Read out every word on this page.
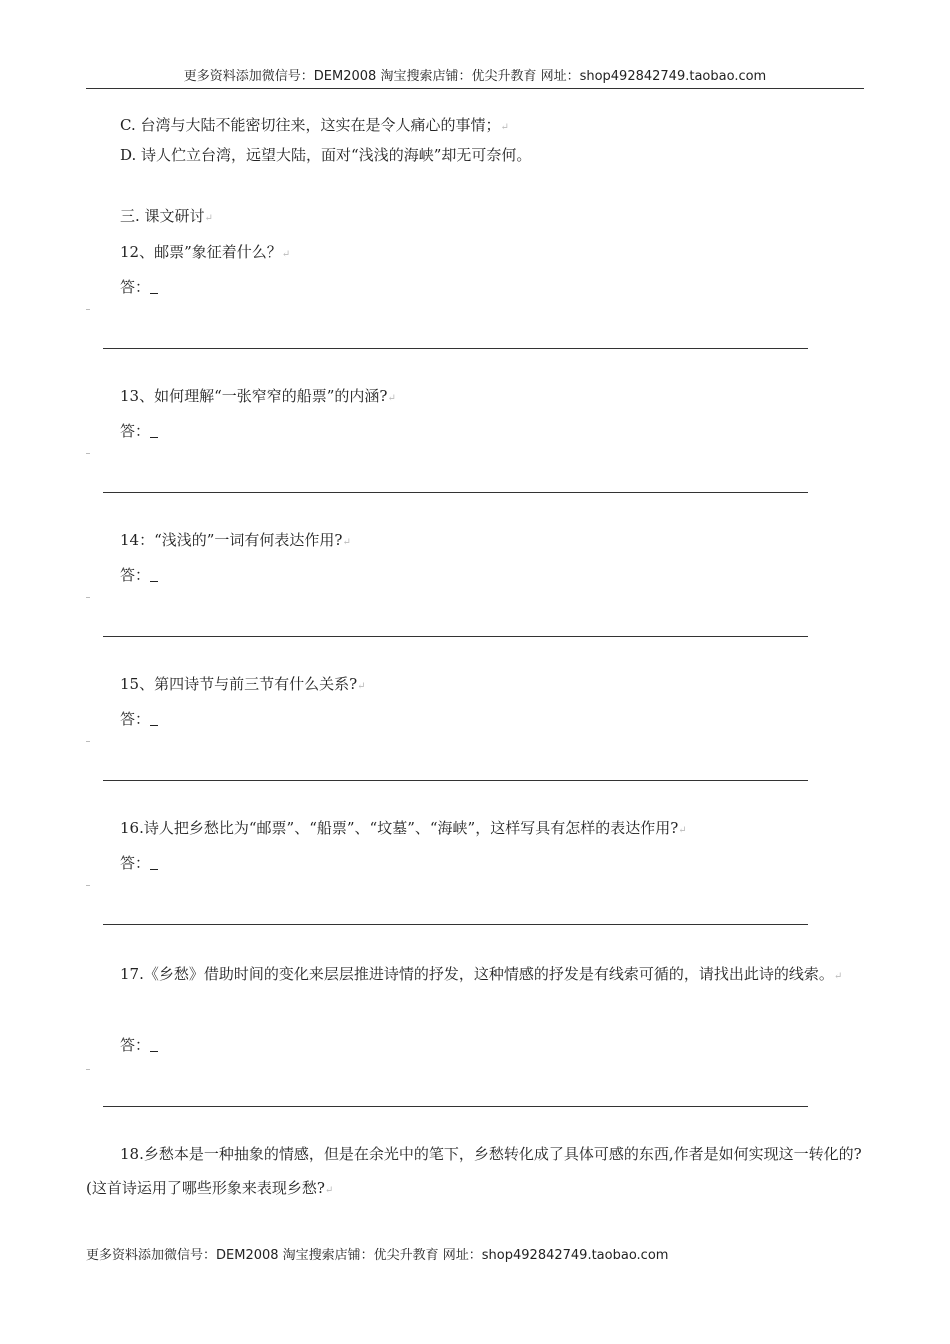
更多资料添加微信号：DEM2008 淘宝搜索店铺：优尖升教育 网址：shop492842749.taobao.com
C. 台湾与大陆不能密切往来，这实在是令人痛心的事情；↵
D. 诗人伫立台湾，远望大陆，面对“浅浅的海峡”却无可奈何。
三. 课文研讨↵
12、邮票”象征着什么？↵
答：
13、如何理解“一张窄窄的船票”的内涵?↵
答：
14：“浅浅的”一词有何表达作用?↵
答：
15、第四诗节与前三节有什么关系?↵
答：
16.诗人把乡愁比为“邮票”、“船票”、“坟墓”、“海峡”，这样写具有怎样的表达作用?↵
答：
17.《乡愁》借助时间的变化来层层推进诗情的抒发，这种情感的抒发是有线索可循的，请找出此诗的线索。↵
答：
18.乡愁本是一种抽象的情感，但是在余光中的笔下，乡愁转化成了具体可感的东西,作者是如何实现这一转化的?(这首诗运用了哪些形象来表现乡愁?↵
更多资料添加微信号：DEM2008 淘宝搜索店铺：优尖升教育 网址：shop492842749.taobao.com
